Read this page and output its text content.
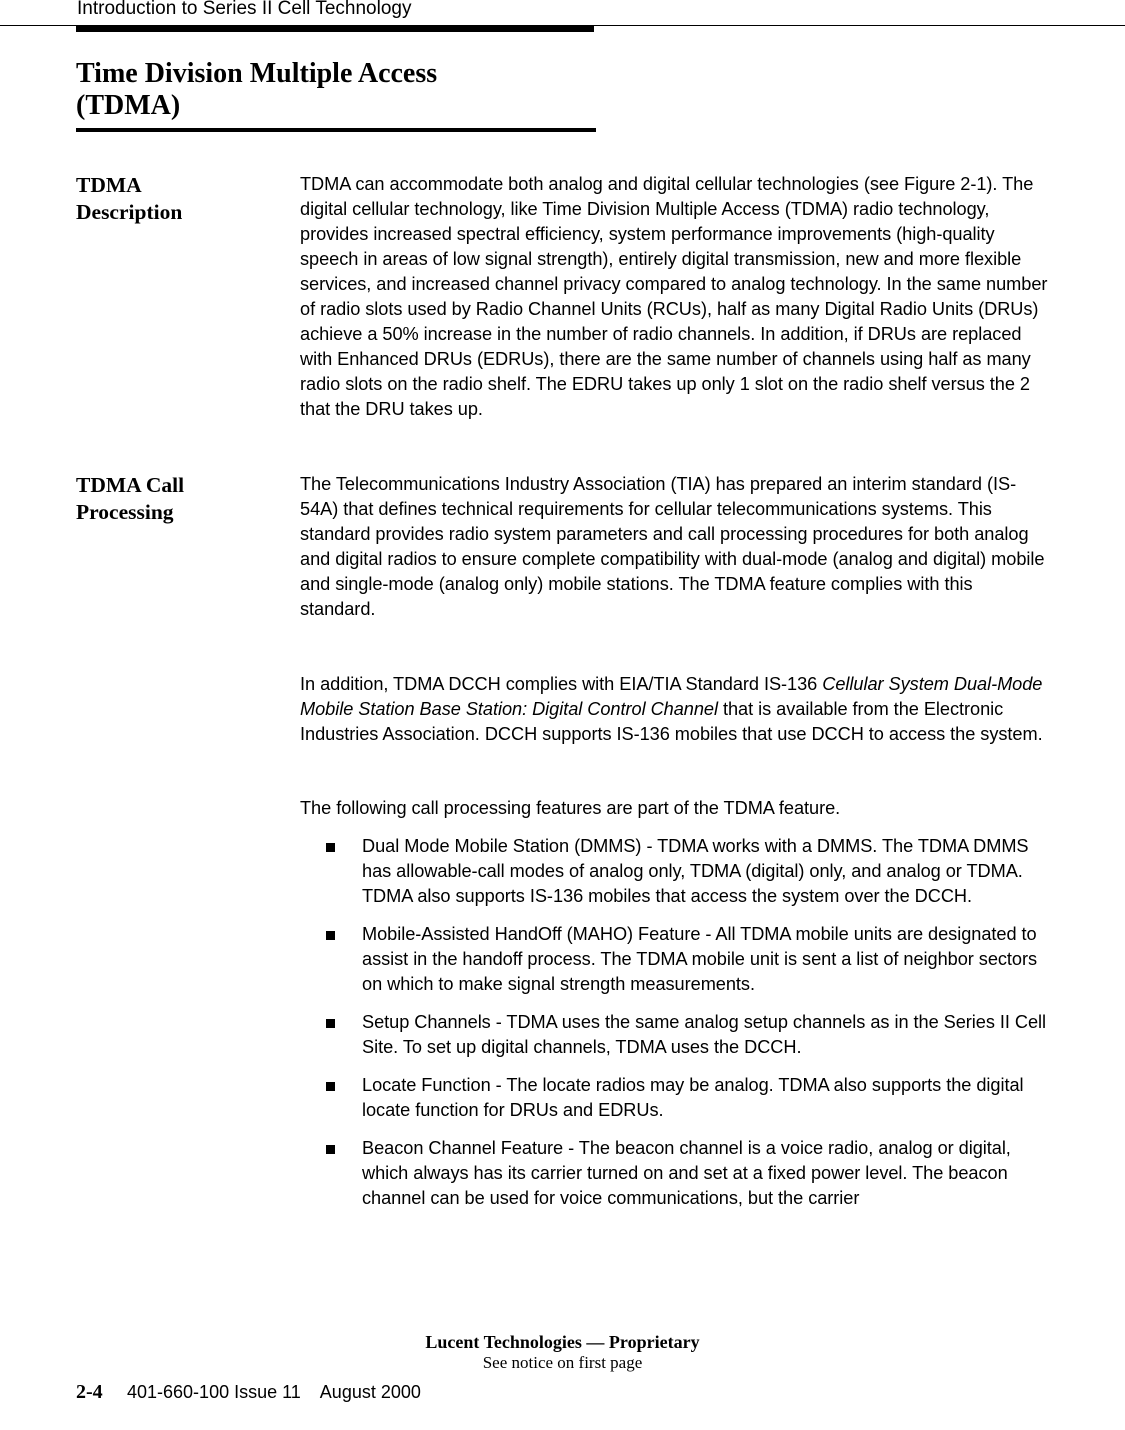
Introduction to Series II Cell Technology
Time Division Multiple Access
(TDMA)
TDMA
Description

TDMA can accommodate both analog and digital cellular technologies (see Figure 2-1). The digital cellular technology, like Time Division Multiple Access (TDMA) radio technology, provides increased spectral efficiency, system performance improvements (high-quality speech in areas of low signal strength), entirely digital transmission, new and more flexible services, and increased channel privacy compared to analog technology. In the same number of radio slots used by Radio Channel Units (RCUs), half as many Digital Radio Units (DRUs) achieve a 50% increase in the number of radio channels. In addition, if DRUs are replaced with Enhanced DRUs (EDRUs), there are the same number of channels using half as many radio slots on the radio shelf. The EDRU takes up only 1 slot on the radio shelf versus the 2 that the DRU takes up.

TDMA Call
Processing

The Telecommunications Industry Association (TIA) has prepared an interim standard (IS-54A) that defines technical requirements for cellular telecommunications systems. This standard provides radio system parameters and call processing procedures for both analog and digital radios to ensure complete compatibility with dual-mode (analog and digital) mobile and single-mode (analog only) mobile stations. The TDMA feature complies with this standard.

In addition, TDMA DCCH complies with EIA/TIA Standard IS-136 Cellular System Dual-Mode Mobile Station Base Station: Digital Control Channel that is available from the Electronic Industries Association. DCCH supports IS-136 mobiles that use DCCH to access the system.

The following call processing features are part of the TDMA feature.

Dual Mode Mobile Station (DMMS) - TDMA works with a DMMS. The TDMA DMMS has allowable-call modes of analog only, TDMA (digital) only, and analog or TDMA. TDMA also supports IS-136 mobiles that access the system over the DCCH.
Mobile-Assisted HandOff (MAHO) Feature - All TDMA mobile units are designated to assist in the handoff process. The TDMA mobile unit is sent a list of neighbor sectors on which to make signal strength measurements.
Setup Channels - TDMA uses the same analog setup channels as in the Series II Cell Site. To set up digital channels, TDMA uses the DCCH.
Locate Function - The locate radios may be analog. TDMA also supports the digital locate function for DRUs and EDRUs.
Beacon Channel Feature - The beacon channel is a voice radio, analog or digital, which always has its carrier turned on and set at a fixed power level. The beacon channel can be used for voice communications, but the carrier
Lucent Technologies — Proprietary
See notice on first page
2-4 401-660-100 Issue 11    August 2000
